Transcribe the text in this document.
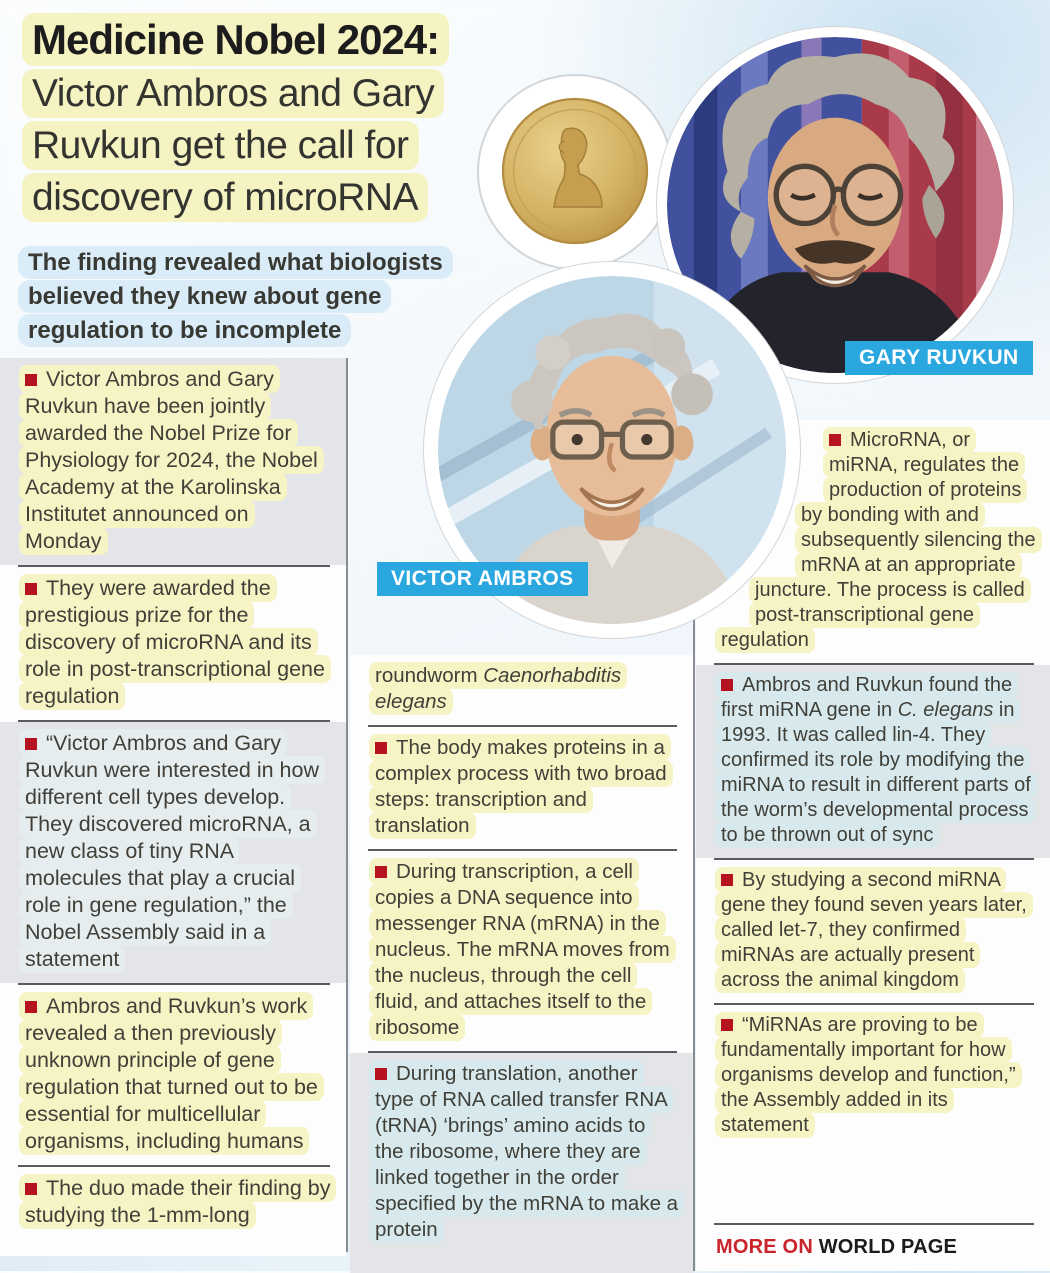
Medicine Nobel 2024:
Victor Ambros and Gary Ruvkun get the call for discovery of microRNA
The finding revealed what biologists believed they knew about gene regulation to be incomplete

Victor Ambros and Gary Ruvkun have been jointly awarded the Nobel Prize for Physiology for 2024, the Nobel Academy at the Karolinska Institutet announced on Monday

They were awarded the prestigious prize for the discovery of microRNA and its role in post-transcriptional gene regulation

“Victor Ambros and Gary Ruvkun were interested in how different cell types develop. They discovered microRNA, a new class of tiny RNA molecules that play a crucial role in gene regulation,” the Nobel Assembly said in a statement

Ambros and Ruvkun’s work revealed a then previously unknown principle of gene regulation that turned out to be essential for multicellular organisms, including humans

The duo made their finding by studying the 1-mm-long

roundworm Caenorhabditis elegans

The body makes proteins in a complex process with two broad steps: transcription and translation

During transcription, a cell copies a DNA sequence into messenger RNA (mRNA) in the nucleus. The mRNA moves from the nucleus, through the cell fluid, and attaches itself to the ribosome

During translation, another type of RNA called transfer RNA (tRNA) ‘brings’ amino acids to the ribosome, where they are linked together in the order specified by the mRNA to make a protein

MicroRNA, or miRNA, regulates the production of proteins by bonding with and subsequently silencing the mRNA at an appropriate juncture. The process is called post-transcriptional gene regulation

Ambros and Ruvkun found the first miRNA gene in C. elegans in 1993. It was called lin-4. They confirmed its role by modifying the miRNA to result in different parts of the worm’s developmental process to be thrown out of sync

By studying a second miRNA gene they found seven years later, called let-7, they confirmed miRNAs are actually present across the animal kingdom

“MiRNAs are proving to be fundamentally important for how organisms develop and function,” the Assembly added in its statement

MORE ON WORLD PAGE
GARY RUVKUN
VICTOR AMBROS
